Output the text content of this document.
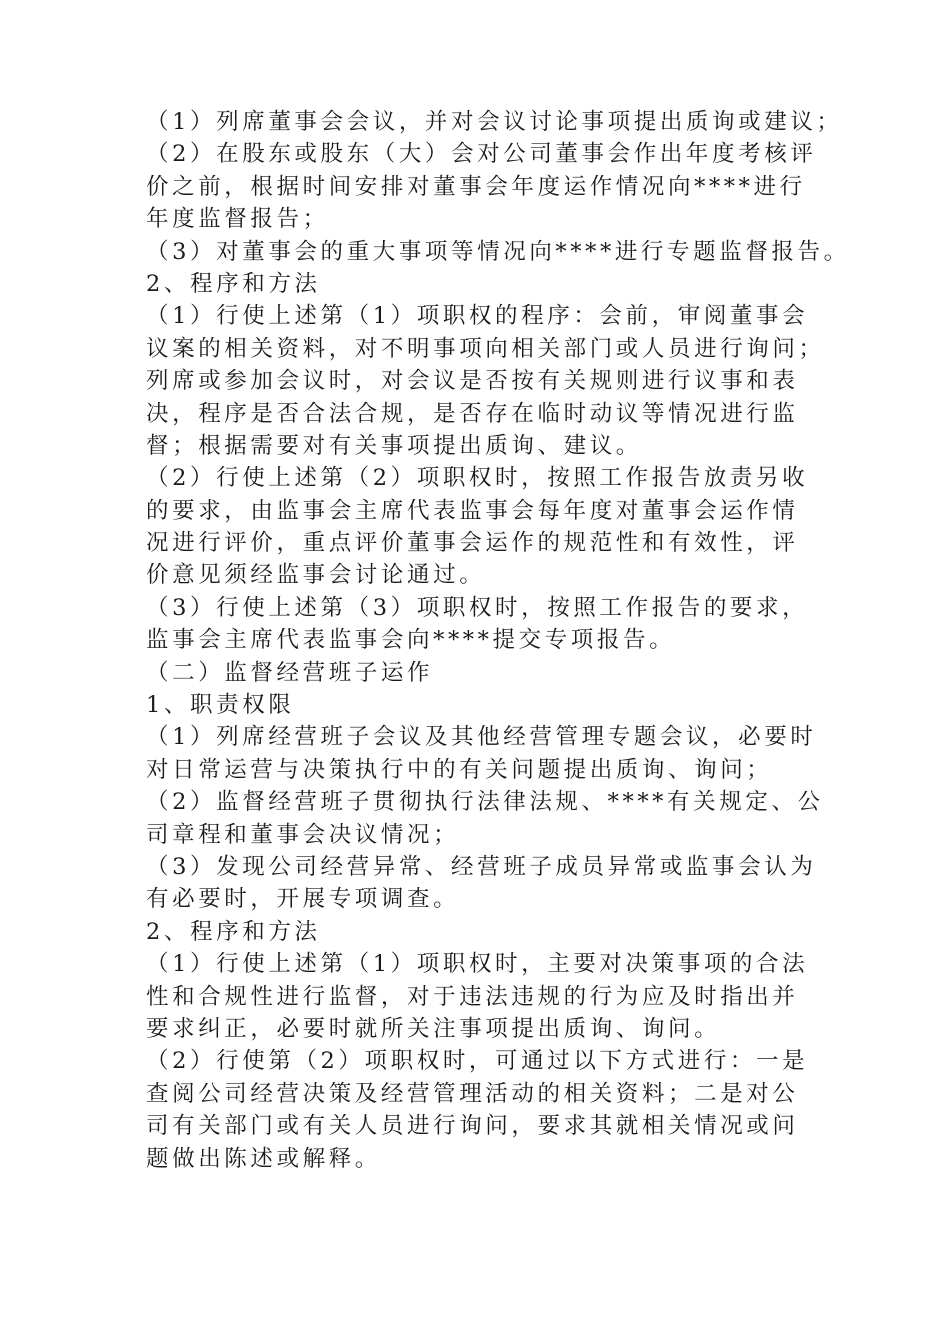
（1）列席董事会会议，并对会议讨论事项提出质询或建议；
（2）在股东或股东（大）会对公司董事会作出年度考核评
价之前，根据时间安排对董事会年度运作情况向****进行
年度监督报告；
（3）对董事会的重大事项等情况向****进行专题监督报告。
2、程序和方法
（1）行使上述第（1）项职权的程序：会前，审阅董事会
议案的相关资料，对不明事项向相关部门或人员进行询问；
列席或参加会议时，对会议是否按有关规则进行议事和表
决，程序是否合法合规，是否存在临时动议等情况进行监
督；根据需要对有关事项提出质询、建议。
（2）行使上述第（2）项职权时，按照工作报告放责另收
的要求，由监事会主席代表监事会每年度对董事会运作情
况进行评价，重点评价董事会运作的规范性和有效性，评
价意见须经监事会讨论通过。
（3）行使上述第（3）项职权时，按照工作报告的要求，
监事会主席代表监事会向****提交专项报告。
（二）监督经营班子运作
1、职责权限
（1）列席经营班子会议及其他经营管理专题会议，必要时
对日常运营与决策执行中的有关问题提出质询、询问；
（2）监督经营班子贯彻执行法律法规、****有关规定、公
司章程和董事会决议情况；
（3）发现公司经营异常、经营班子成员异常或监事会认为
有必要时，开展专项调查。
2、程序和方法
（1）行使上述第（1）项职权时，主要对决策事项的合法
性和合规性进行监督，对于违法违规的行为应及时指出并
要求纠正，必要时就所关注事项提出质询、询问。
（2）行使第（2）项职权时，可通过以下方式进行：一是
查阅公司经营决策及经营管理活动的相关资料；二是对公
司有关部门或有关人员进行询问，要求其就相关情况或问
题做出陈述或解释。
